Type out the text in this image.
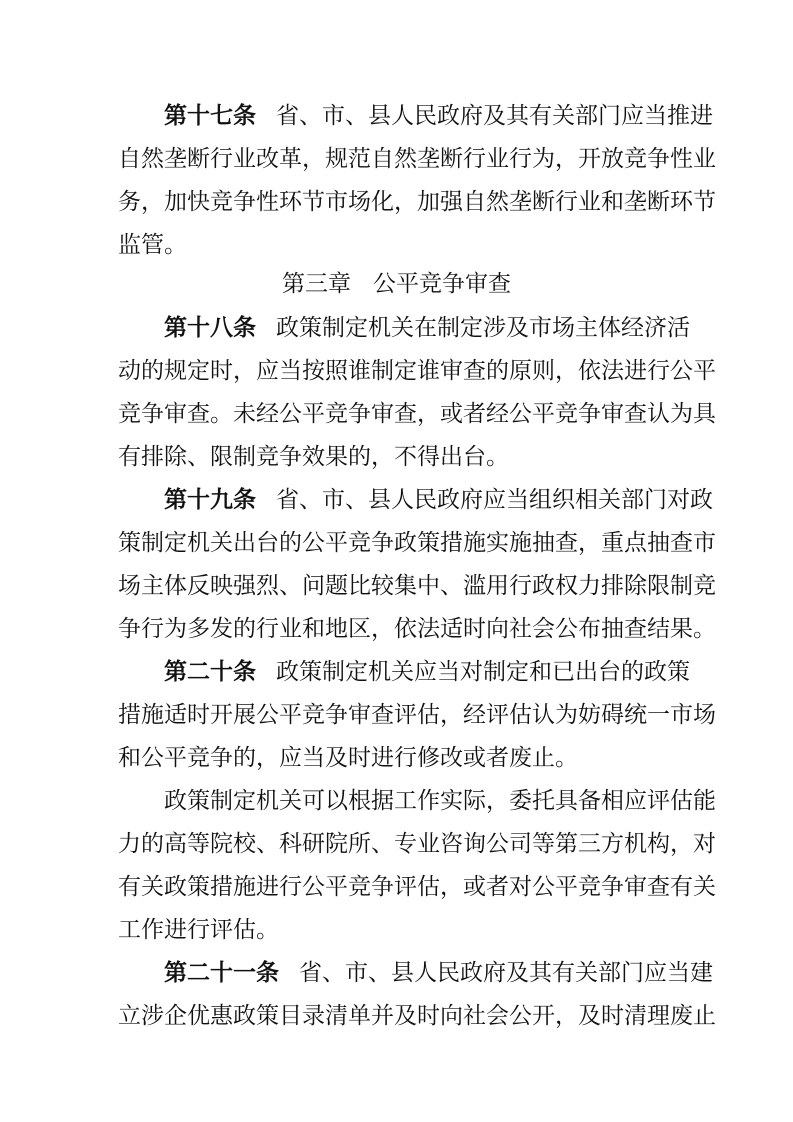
第十七条 省、市、县人民政府及其有关部门应当推进
自然垄断行业改革，规范自然垄断行业行为，开放竞争性业
务，加快竞争性环节市场化，加强自然垄断行业和垄断环节
监管。
第三章 公平竞争审查
第十八条 政策制定机关在制定涉及市场主体经济活
动的规定时，应当按照谁制定谁审查的原则，依法进行公平
竞争审查。未经公平竞争审查，或者经公平竞争审查认为具
有排除、限制竞争效果的，不得出台。
第十九条 省、市、县人民政府应当组织相关部门对政
策制定机关出台的公平竞争政策措施实施抽查，重点抽查市
场主体反映强烈、问题比较集中、滥用行政权力排除限制竞
争行为多发的行业和地区，依法适时向社会公布抽查结果。
第二十条 政策制定机关应当对制定和已出台的政策
措施适时开展公平竞争审查评估，经评估认为妨碍统一市场
和公平竞争的，应当及时进行修改或者废止。
政策制定机关可以根据工作实际，委托具备相应评估能
力的高等院校、科研院所、专业咨询公司等第三方机构，对
有关政策措施进行公平竞争评估，或者对公平竞争审查有关
工作进行评估。
第二十一条 省、市、县人民政府及其有关部门应当建
立涉企优惠政策目录清单并及时向社会公开，及时清理废止
